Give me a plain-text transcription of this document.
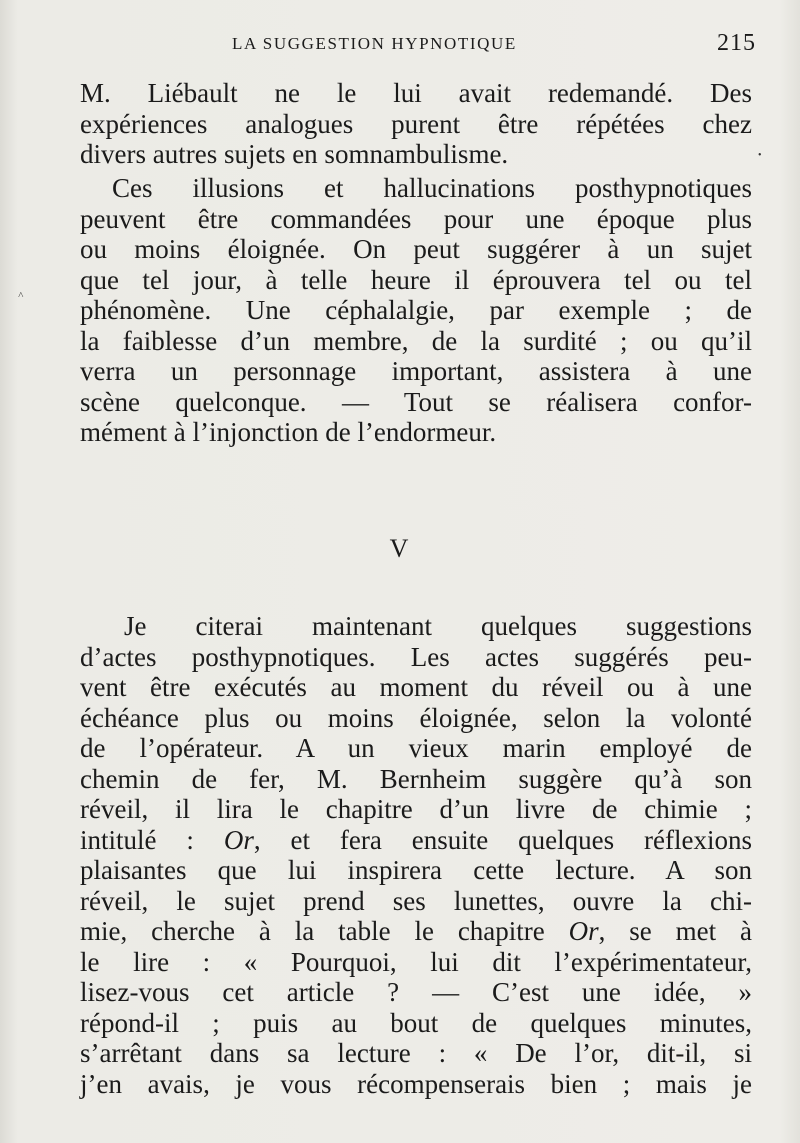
LA SUGGESTION HYPNOTIQUE	215
M. Liébault ne le lui avait redemandé. Des
expériences analogues purent être répétées chez
divers autres sujets en somnambulisme.
Ces illusions et hallucinations posthypnotiques
peuvent être commandées pour une époque plus
ou moins éloignée. On peut suggérer à un sujet
que tel jour, à telle heure il éprouvera tel ou tel
phénomène. Une céphalalgie, par exemple ; de
la faiblesse d’un membre, de la surdité ; ou qu’il
verra un personnage important, assistera à une
scène quelconque. — Tout se réalisera confor-
mément à l’injonction de l’endormeur.
V
Je citerai maintenant quelques suggestions
d’actes posthypnotiques. Les actes suggérés peu-
vent être exécutés au moment du réveil ou à une
échéance plus ou moins éloignée, selon la volonté
de l’opérateur. A un vieux marin employé de
chemin de fer, M. Bernheim suggère qu’à son
réveil, il lira le chapitre d’un livre de chimie ;
intitulé : Or, et fera ensuite quelques réflexions
plaisantes que lui inspirera cette lecture. A son
réveil, le sujet prend ses lunettes, ouvre la chi-
mie, cherche à la table le chapitre Or, se met à
le lire : « Pourquoi, lui dit l’expérimentateur,
lisez-vous cet article ? — C’est une idée, »
répond-il ; puis au bout de quelques minutes,
s’arrêtant dans sa lecture : « De l’or, dit-il, si
j’en avais, je vous récompenserais bien ; mais je
˄
•
